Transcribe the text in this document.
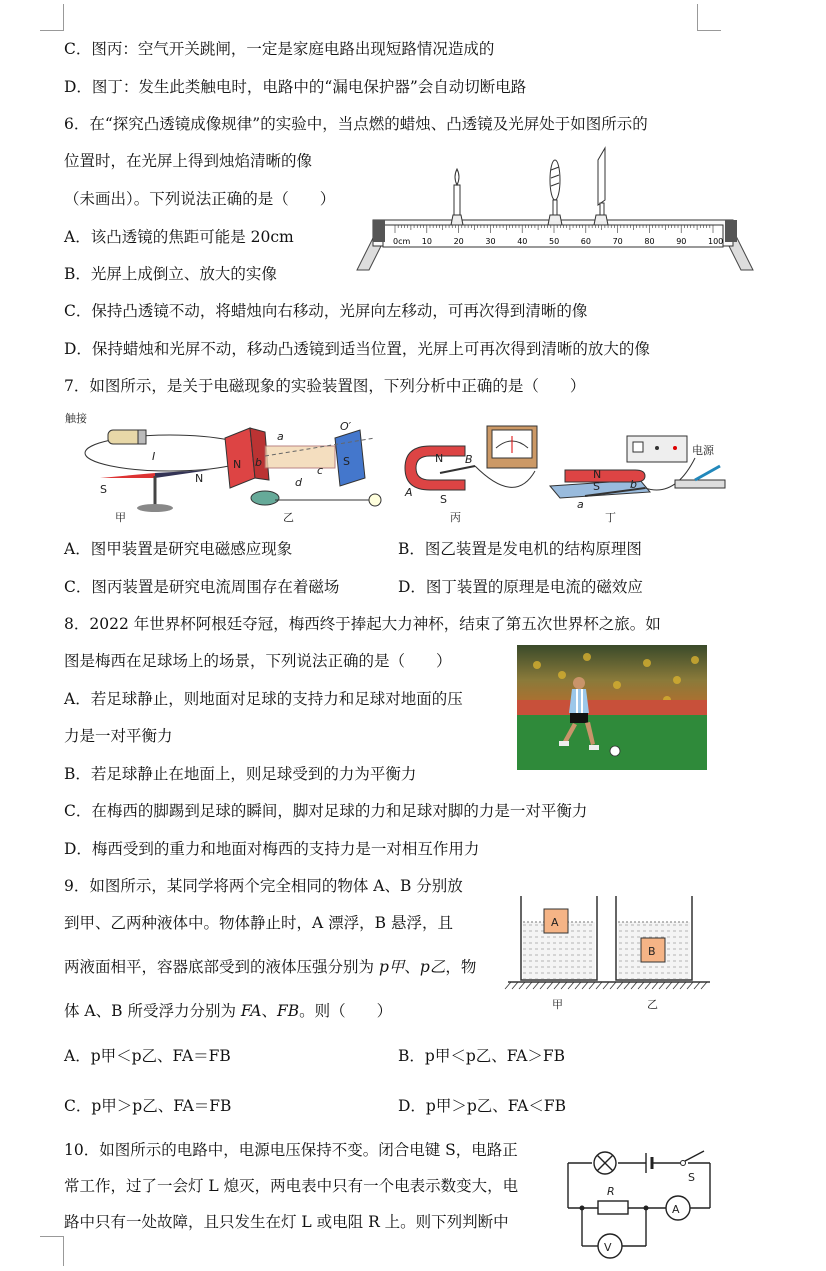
C．图丙：空气开关跳闸，一定是家庭电路出现短路情况造成的
D．图丁：发生此类触电时，电路中的“漏电保护器”会自动切断电路
6．在“探究凸透镜成像规律”的实验中，当点燃的蜡烛、凸透镜及光屏处于如图所示的
位置时，在光屏上得到烛焰清晰的像
（未画出）。下列说法正确的是（　　）
A．该凸透镜的焦距可能是 20cm
B．光屏上成倒立、放大的实像
C．保持凸透镜不动，将蜡烛向右移动，光屏向左移动，可再次得到清晰的像
D．保持蜡烛和光屏不动，移动凸透镜到适当位置，光屏上可再次得到清晰的放大的像
0cm 10	20	30	40	50	60	70	80	90	100
7．如图所示，是关于电磁现象的实验装置图，下列分析中正确的是（　　）
触接
I
S
N
甲
N	S
a
b
c
d
O′
乙
N
S
A
B
丙
电源
N
S
a
b
丁
A．图甲装置是研究电磁感应现象	B．图乙装置是发电机的结构原理图
C．图丙装置是研究电流周围存在着磁场	D．图丁装置的原理是电流的磁效应
8．2022 年世界杯阿根廷夺冠，梅西终于捧起大力神杯，结束了第五次世界杯之旅。如
图是梅西在足球场上的场景，下列说法正确的是（　　）
A．若足球静止，则地面对足球的支持力和足球对地面的压
力是一对平衡力
B．若足球静止在地面上，则足球受到的力为平衡力
C．在梅西的脚踢到足球的瞬间，脚对足球的力和足球对脚的力是一对平衡力
D．梅西受到的重力和地面对梅西的支持力是一对相互作用力
9．如图所示，某同学将两个完全相同的物体 A、B 分别放
到甲、乙两种液体中。物体静止时，A 漂浮，B 悬浮，且
两液面相平，容器底部受到的液体压强分别为 p甲、p乙，物
体 A、B 所受浮力分别为 FA、FB。则（　　）
A．p甲＜p乙、FA＝FB	B．p甲＜p乙、FA＞FB
C．p甲＞p乙、FA＝FB	D．p甲＞p乙、FA＜FB
A
B
甲	乙
10．如图所示的电路中，电源电压保持不变。闭合电键 S，电路正
常工作，过了一会灯 L 熄灭，两电表中只有一个电表示数变大，电
路中只有一处故障，且只发生在灯 L 或电阻 R 上。则下列判断中
S
R
A
V
